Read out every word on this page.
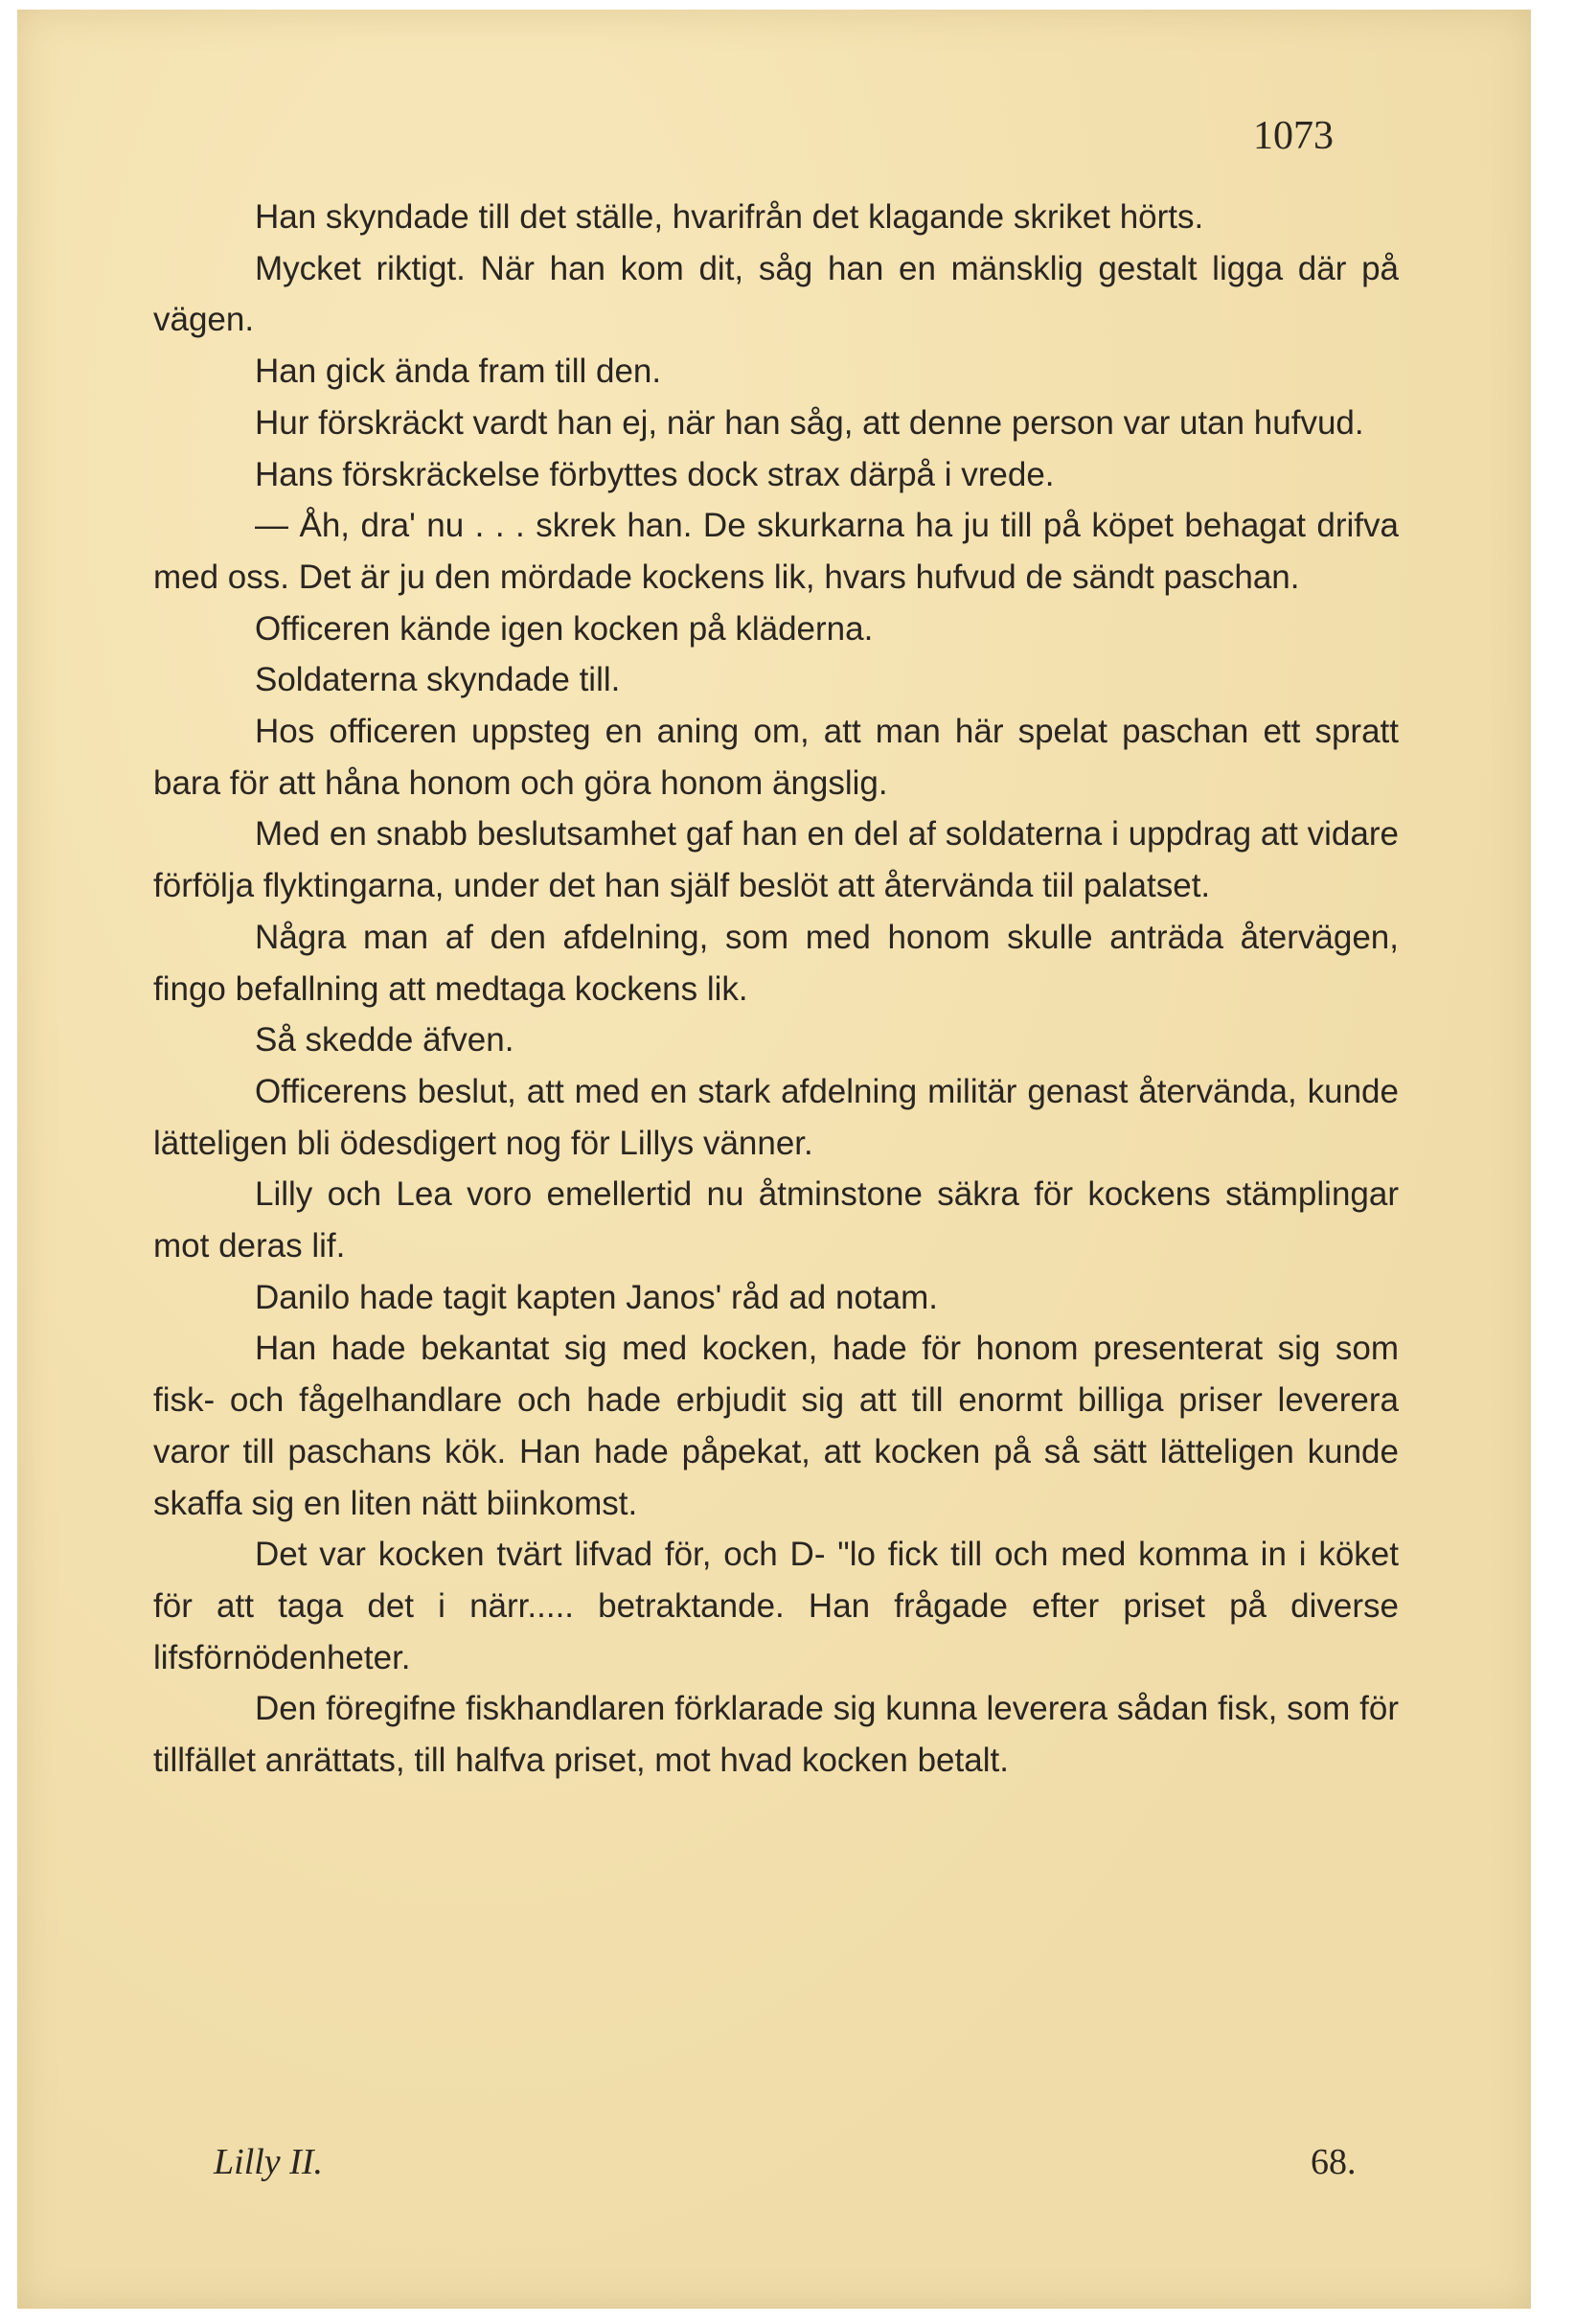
1073

Han skyndade till det ställe, hvarifrån det klagande skriket hörts.

Mycket riktigt. När han kom dit, såg han en mänsklig gestalt ligga där på vägen.

Han gick ända fram till den.

Hur förskräckt vardt han ej, när han såg, att denne person var utan hufvud.

Hans förskräckelse förbyttes dock strax därpå i vrede.

— Åh, dra' nu . . . skrek han. De skurkarna ha ju till på köpet behagat drifva med oss. Det är ju den mördade kockens lik, hvars hufvud de sändt paschan.

Officeren kände igen kocken på kläderna.

Soldaterna skyndade till.

Hos officeren uppsteg en aning om, att man här spelat paschan ett spratt bara för att håna honom och göra honom ängslig.

Med en snabb beslutsamhet gaf han en del af soldaterna i uppdrag att vidare förfölja flyktingarna, under det han själf beslöt att återvända tiil palatset.

Några man af den afdelning, som med honom skulle anträda återvägen, fingo befallning att medtaga kockens lik.

Så skedde äfven.

Officerens beslut, att med en stark afdelning militär genast återvända, kunde lätteligen bli ödesdigert nog för Lillys vänner.

Lilly och Lea voro emellertid nu åtminstone säkra för kockens stämplingar mot deras lif.

Danilo hade tagit kapten Janos' råd ad notam.

Han hade bekantat sig med kocken, hade för honom presenterat sig som fisk- och fågelhandlare och hade erbjudit sig att till enormt billiga priser leverera varor till paschans kök. Han hade påpekat, att kocken på så sätt lätteligen kunde skaffa sig en liten nätt biinkomst.

Det var kocken tvärt lifvad för, och D- "lo fick till och med komma in i köket för att taga det i närr..... betraktande. Han frågade efter priset på diverse lifsförnödenheter.

Den föregifne fiskhandlaren förklarade sig kunna leverera sådan fisk, som för tillfället anrättats, till halfva priset, mot hvad kocken betalt.

Lilly II.	68.
